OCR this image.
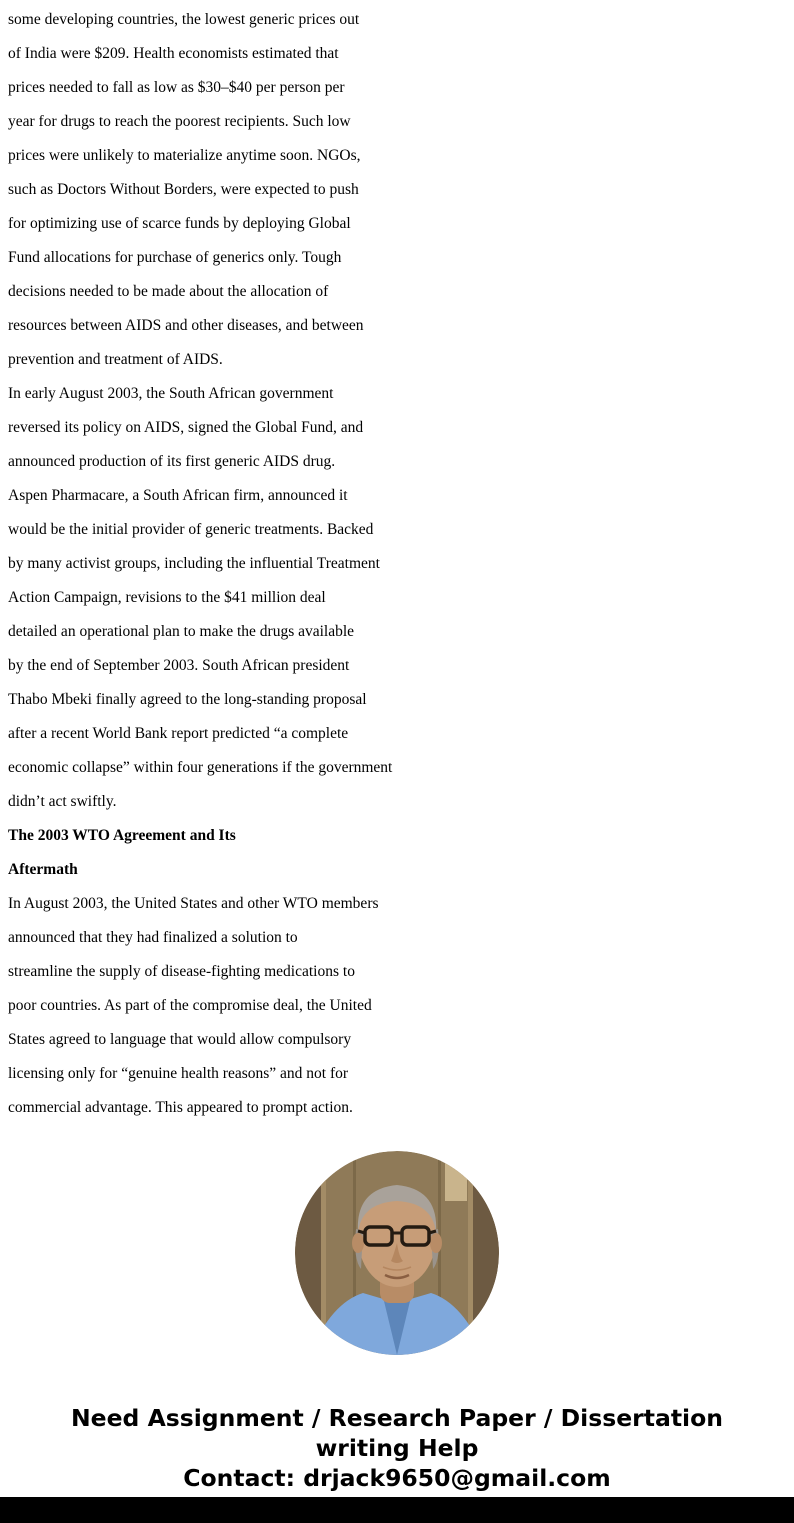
some developing countries, the lowest generic prices out
of India were $209. Health economists estimated that
prices needed to fall as low as $30–$40 per person per
year for drugs to reach the poorest recipients. Such low
prices were unlikely to materialize anytime soon. NGOs,
such as Doctors Without Borders, were expected to push
for optimizing use of scarce funds by deploying Global
Fund allocations for purchase of generics only. Tough
decisions needed to be made about the allocation of
resources between AIDS and other diseases, and between
prevention and treatment of AIDS.
In early August 2003, the South African government
reversed its policy on AIDS, signed the Global Fund, and
announced production of its first generic AIDS drug.
Aspen Pharmacare, a South African firm, announced it
would be the initial provider of generic treatments. Backed
by many activist groups, including the influential Treatment
Action Campaign, revisions to the $41 million deal
detailed an operational plan to make the drugs available
by the end of September 2003. South African president
Thabo Mbeki finally agreed to the long-standing proposal
after a recent World Bank report predicted “a complete
economic collapse” within four generations if the government
didn’t act swiftly.
The 2003 WTO Agreement and Its
Aftermath
In August 2003, the United States and other WTO members
announced that they had finalized a solution to
streamline the supply of disease-fighting medications to
poor countries. As part of the compromise deal, the United
States agreed to language that would allow compulsory
licensing only for “genuine health reasons” and not for
commercial advantage. This appeared to prompt action.
Need Assignment / Research Paper / Dissertation writing Help
Contact: drjack9650@gmail.com
